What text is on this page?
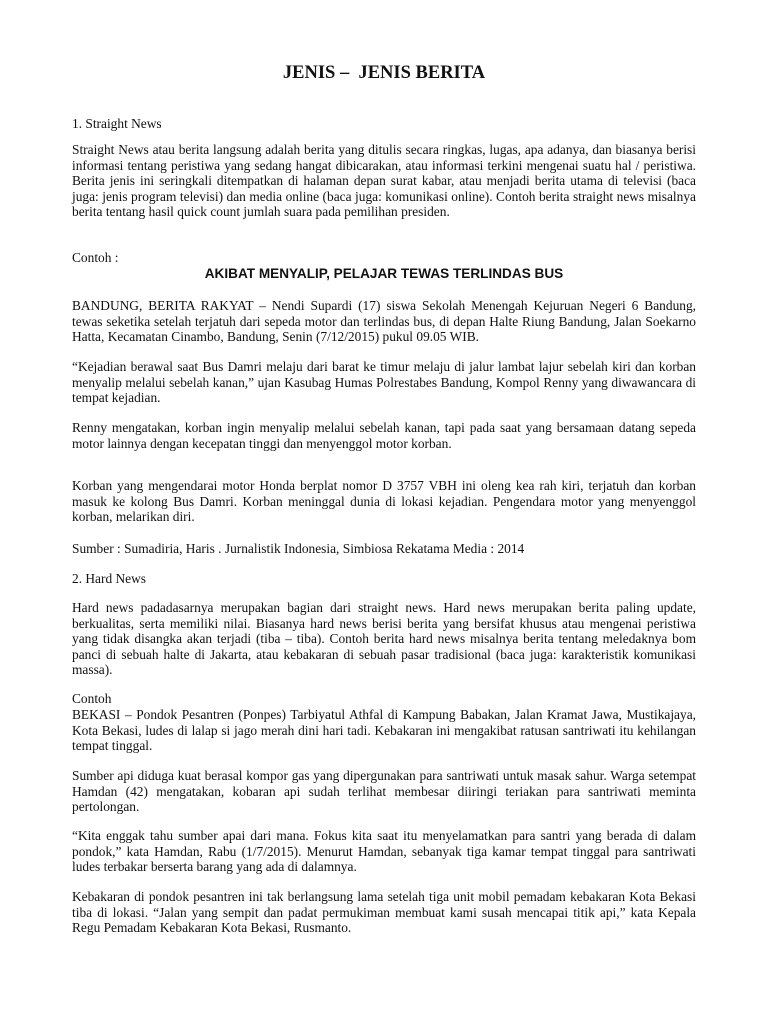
JENIS –  JENIS BERITA

1. Straight News

Straight News atau berita langsung adalah berita yang ditulis secara ringkas, lugas, apa adanya, dan biasanya berisi informasi tentang peristiwa yang sedang hangat dibicarakan, atau informasi terkini mengenai suatu hal / peristiwa. Berita jenis ini seringkali ditempatkan di halaman depan surat kabar, atau menjadi berita utama di televisi (baca juga: jenis program televisi) dan media online (baca juga: komunikasi online). Contoh berita straight news misalnya berita tentang hasil quick count jumlah suara pada pemilihan presiden.

Contoh :

AKIBAT MENYALIP, PELAJAR TEWAS TERLINDAS BUS

BANDUNG, BERITA RAKYAT – Nendi Supardi (17) siswa Sekolah Menengah Kejuruan Negeri 6 Bandung, tewas seketika setelah terjatuh dari sepeda motor dan terlindas bus, di depan Halte Riung Bandung, Jalan Soekarno Hatta, Kecamatan Cinambo, Bandung, Senin (7/12/2015) pukul 09.05 WIB.

“Kejadian berawal saat Bus Damri melaju dari barat ke timur melaju di jalur lambat lajur sebelah kiri dan korban menyalip melalui sebelah kanan,” ujan Kasubag Humas Polrestabes Bandung, Kompol Renny yang diwawancara di tempat kejadian.

Renny mengatakan, korban ingin menyalip melalui sebelah kanan, tapi pada saat yang bersamaan datang sepeda motor lainnya dengan kecepatan tinggi dan menyenggol motor korban.

Korban yang mengendarai motor Honda berplat nomor D 3757 VBH ini oleng kea rah kiri, terjatuh dan korban masuk ke kolong Bus Damri. Korban meninggal dunia di lokasi kejadian. Pengendara motor yang menyenggol korban, melarikan diri.

Sumber : Sumadiria, Haris . Jurnalistik Indonesia, Simbiosa Rekatama Media : 2014

2. Hard News

Hard news padadasarnya merupakan bagian dari straight news. Hard news merupakan berita paling update, berkualitas, serta memiliki nilai. Biasanya hard news berisi berita yang bersifat khusus atau mengenai peristiwa yang tidak disangka akan terjadi (tiba – tiba). Contoh berita hard news misalnya berita tentang meledaknya bom panci di sebuah halte di Jakarta, atau kebakaran di sebuah pasar tradisional (baca juga: karakteristik komunikasi massa).

Contoh

BEKASI – Pondok Pesantren (Ponpes) Tarbiyatul Athfal di Kampung Babakan, Jalan Kramat Jawa, Mustikajaya, Kota Bekasi, ludes di lalap si jago merah dini hari tadi. Kebakaran ini mengakibat ratusan santriwati itu kehilangan tempat tinggal.

Sumber api diduga kuat berasal kompor gas yang dipergunakan para santriwati untuk masak sahur. Warga setempat Hamdan (42) mengatakan, kobaran api sudah terlihat membesar diiringi teriakan para santriwati meminta pertolongan.

“Kita enggak tahu sumber apai dari mana. Fokus kita saat itu menyelamatkan para santri yang berada di dalam pondok,” kata Hamdan, Rabu (1/7/2015). Menurut Hamdan, sebanyak tiga kamar tempat tinggal para santriwati ludes terbakar berserta barang yang ada di dalamnya.

Kebakaran di pondok pesantren ini tak berlangsung lama setelah tiga unit mobil pemadam kebakaran Kota Bekasi tiba di lokasi. “Jalan yang sempit dan padat permukiman membuat kami susah mencapai titik api,” kata Kepala Regu Pemadam Kebakaran Kota Bekasi, Rusmanto.
